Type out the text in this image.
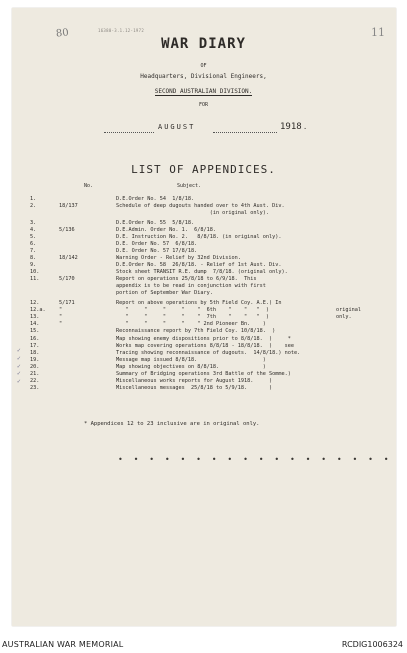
80	16380-3.1.12-1972	11
WAR DIARY
OF
Headquarters, Divisional Engineers,
SECOND AUSTRALIAN DIVISION.
FOR
AUGUST	1918 .
LIST OF APPENDICES.
No.	Subject.
1.	D.E.Order No. 54  1/8/18.
2.	18/137	Schedule of deep dugouts handed over to 4th Aust. Div.
(in original only).
3.	D.E.Order No. 55  5/8/18.
4.	5/136	D.E.Admin. Order No. 1.  6/8/18.
5.	D.E. Instruction No. 2.   8/8/18. (in original only).
6.	D.E. Order No. 57  6/8/18.
7.	D.E. Order No. 57 17/8/18.
8.	18/142	Warning Order - Relief by 32nd Division.
9.	D.E.Order No. 58  26/8/18. - Relief of 1st Aust. Div.
10.	Stock sheet TRANSIT R.E. dump  7/8/18. (original only).
11.	5/170	Report on operations 25/8/18 to 6/9/18.  This
appendix is to be read in conjunction with first
portion of September War Diary.
12.	5/171	Report on above operations by 5th Field Coy. A.E.) In
12.a.	"	"     "     "     "    "  6th    "    "   "  )	original
13.	"	"     "     "     "    "  7th    "    "   "  )	only.
14.	"	"     "     "     "    " 2nd Pioneer Bn.    )
15.	Reconnaissance report by 7th Field Coy. 10/8/18.  )
16.	Map showing enemy dispositions prior to 8/8/18.  )     *
17.	Works map covering operations 8/8/18 - 18/8/18.  )    see
18.	Tracing showing reconnaissance of dugouts.  14/8/18.) note.
19.	Message map issued 8/8/18.                     )
20.	Map showing objectives on 8/8/18.              )
21.	Summary of Bridging operations 3rd Battle of the Somme.)
22.	Miscellaneous works reports for August 1918.     )
23.	Miscellaneous messages  25/8/18 to 5/9/18.       )
* Appendices 12 to 23 inclusive are in original only.
• • • • • • • • • • • • • • • • • •
AUSTRALIAN WAR MEMORIAL	RCDIG1006324
✓
✓
✓
✓
✓
